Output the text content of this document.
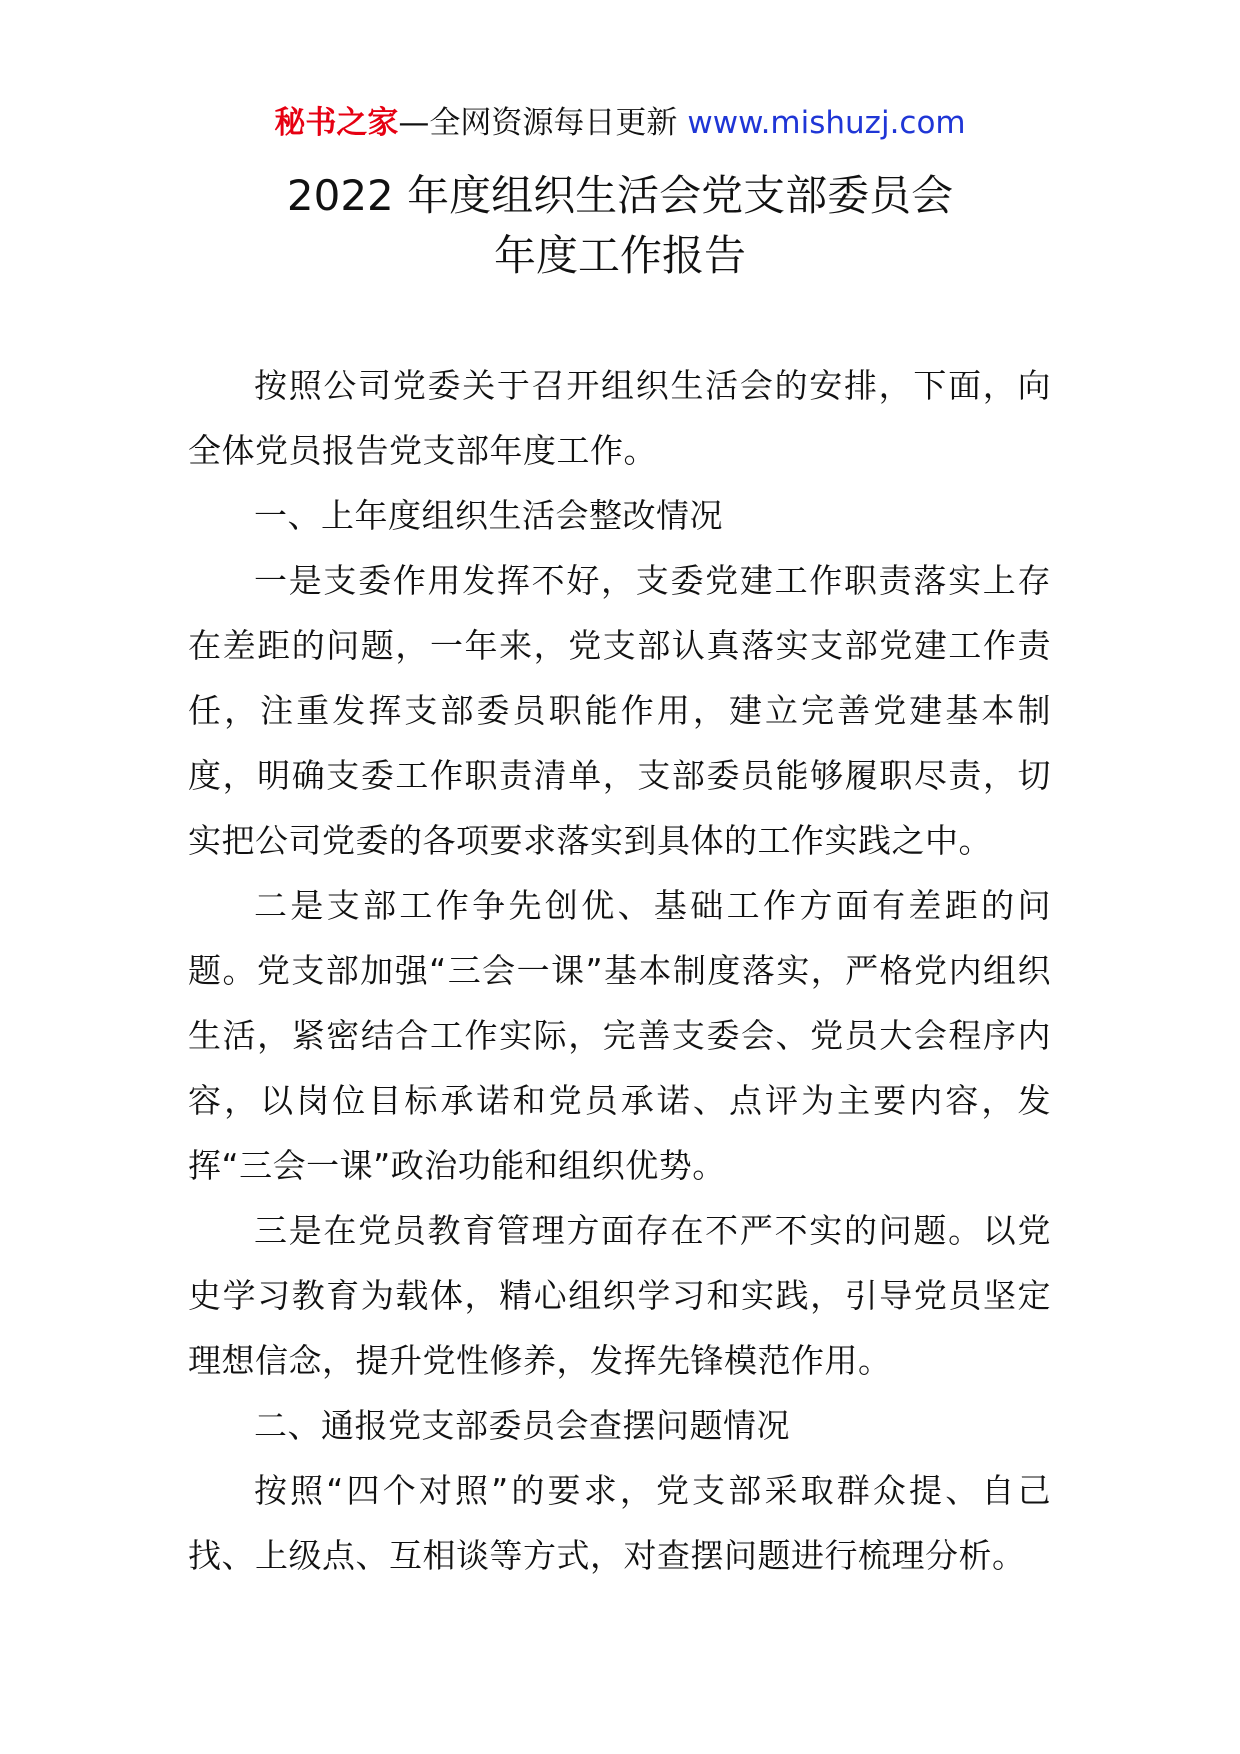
秘书之家—全网资源每日更新 www.mishuzj.com
2022 年度组织生活会党支部委员会
年度工作报告

按照公司党委关于召开组织生活会的安排，下面，向全体党员报告党支部年度工作。

一、上年度组织生活会整改情况

一是支委作用发挥不好，支委党建工作职责落实上存在差距的问题，一年来，党支部认真落实支部党建工作责任，注重发挥支部委员职能作用，建立完善党建基本制度，明确支委工作职责清单，支部委员能够履职尽责，切实把公司党委的各项要求落实到具体的工作实践之中。

二是支部工作争先创优、基础工作方面有差距的问题。党支部加强“三会一课”基本制度落实，严格党内组织生活，紧密结合工作实际，完善支委会、党员大会程序内容，以岗位目标承诺和党员承诺、点评为主要内容，发挥“三会一课”政治功能和组织优势。

三是在党员教育管理方面存在不严不实的问题。以党史学习教育为载体，精心组织学习和实践，引导党员坚定理想信念，提升党性修养，发挥先锋模范作用。

二、通报党支部委员会查摆问题情况

按照“四个对照”的要求，党支部采取群众提、自己找、上级点、互相谈等方式，对查摆问题进行梳理分析。
